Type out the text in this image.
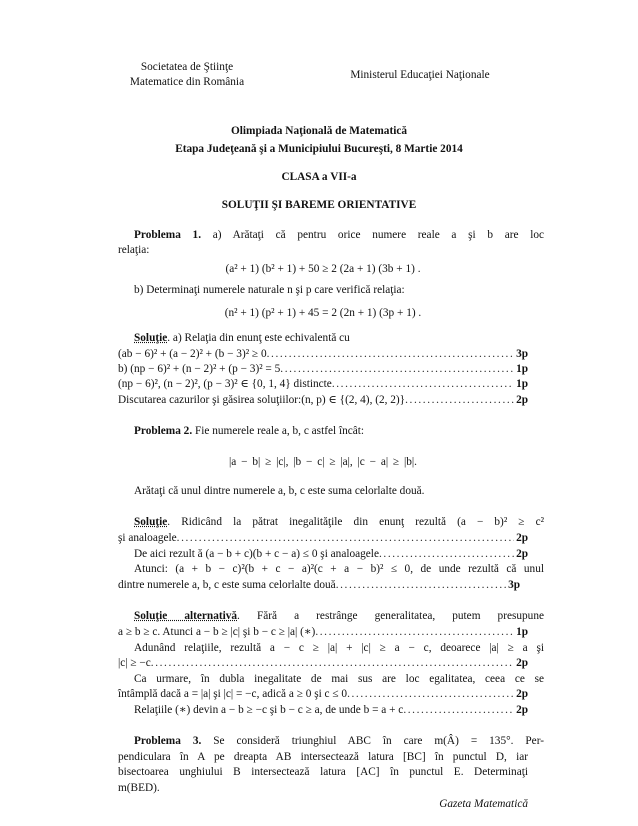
Societatea de Ştiinţe
Matematice din România
Ministerul Educaţiei Naţionale
Olimpiada Naţională de Matematică
Etapa Judeţeană şi a Municipiului Bucureşti, 8 Martie 2014
CLASA a VII-a
SOLUŢII ŞI BAREME ORIENTATIVE
Problema 1. a) Arătaţi că pentru orice numere reale a şi b are loc
relaţia:
(a² + 1) (b² + 1) + 50 ≥ 2 (2a + 1) (3b + 1) .
b) Determinaţi numerele naturale n şi p care verifică relaţia:
(n² + 1) (p² + 1) + 45 = 2 (2n + 1) (3p + 1) .
Soluţie. a) Relaţia din enunţ este echivalentă cu
(ab − 6)² + (a − 2)² + (b − 3)² ≥ 0 .....	3p
b) (np − 6)² + (n − 2)² + (p − 3)² = 5 .....	1p
(np − 6)², (n − 2)², (p − 3)² ∈ {0, 1, 4} distincte .....	1p
Discutarea cazurilor şi găsirea soluţiilor:(n, p) ∈ {(2, 4), (2, 2)} .....	2p
Problema 2. Fie numerele reale a, b, c astfel încât:
|a − b| ≥ |c|, |b − c| ≥ |a|, |c − a| ≥ |b|.
Arătaţi că unul dintre numerele a, b, c este suma celorlalte două.
Soluţie. Ridicând la pătrat inegalităţile din enunţ rezultă (a − b)² ≥ c²
şi analoagele .....	2p
De aici rezult ă (a − b + c)(b + c − a) ≤ 0 şi analoagele .....	2p
Atunci: (a + b − c)²(b + c − a)²(c + a − b)² ≤ 0, de unde rezultă că unul
dintre numerele a, b, c este suma celorlalte două .....	3p
Soluţie alternativă. Fără a restrânge generalitatea, putem presupune
a ≥ b ≥ c. Atunci a − b ≥ |c| şi b − c ≥ |a| (∗) .....	1p
Adunând relaţiile, rezultă a − c ≥ |a| + |c| ≥ a − c, deoarece |a| ≥ a şi
|c| ≥ −c .....	2p
Ca urmare, în dubla inegalitate de mai sus are loc egalitatea, ceea ce se
întâmplă dacă a = |a| şi |c| = −c, adică a ≥ 0 şi c ≤ 0 .....	2p
Relaţiile (∗) devin a − b ≥ −c şi b − c ≥ a, de unde b = a + c .....	2p
Problema 3. Se consideră triunghiul ABC în care m(Â) = 135°. Per-
pendiculara în A pe dreapta AB intersectează latura [BC] în punctul D, iar
bisectoarea unghiului B intersectează latura [AC] în punctul E. Determinaţi
m(BED).
Gazeta Matematică
